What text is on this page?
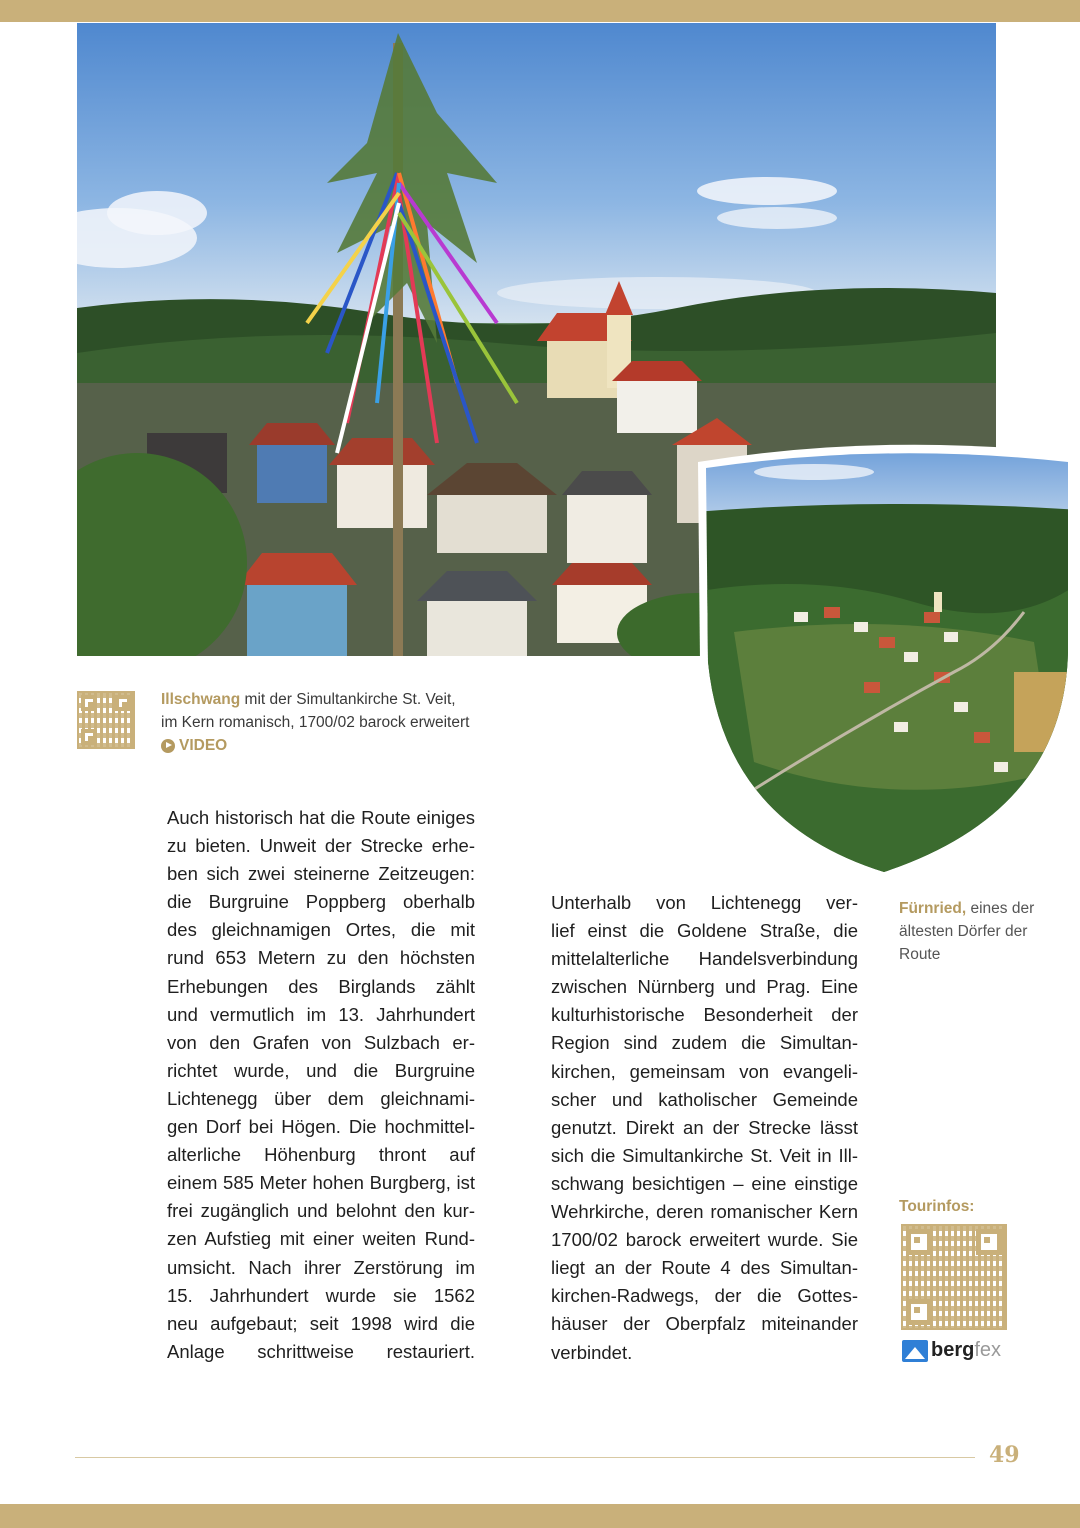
Illschwang mit der Simultankirche St. Veit,
im Kern romanisch, 1700/02 barock erweitert
VIDEO
Auch historisch hat die Route einiges
zu bieten. Unweit der Strecke erhe-
ben sich zwei steinerne Zeitzeugen:
die Burgruine Poppberg oberhalb
des gleichnamigen Ortes, die mit
rund 653 Metern zu den höchsten
Erhebungen des Birglands zählt
und vermutlich im 13. Jahrhundert
von den Grafen von Sulzbach er-
richtet wurde, und die Burgruine
Lichtenegg über dem gleichnami-
gen Dorf bei Högen. Die hochmittel-
alterliche Höhenburg thront auf
einem 585 Meter hohen Burgberg, ist
frei zugänglich und belohnt den kur-
zen Aufstieg mit einer weiten Rund-
umsicht. Nach ihrer Zerstörung im
15. Jahrhundert wurde sie 1562
neu aufgebaut; seit 1998 wird die
Anlage schrittweise restauriert.
Unterhalb von Lichtenegg ver-
lief einst die Goldene Straße, die
mittelalterliche Handelsverbindung
zwischen Nürnberg und Prag. Eine
kulturhistorische Besonderheit der
Region sind zudem die Simultan-
kirchen, gemeinsam von evangeli-
scher und katholischer Gemeinde
genutzt. Direkt an der Strecke lässt
sich die Simultankirche St. Veit in Ill-
schwang besichtigen – eine einstige
Wehrkirche, deren romanischer Kern
1700/02 barock erweitert wurde. Sie
liegt an der Route 4 des Simultan-
kirchen-Radwegs, der die Gottes-
häuser der Oberpfalz miteinander
verbindet.
Fürnried, eines der
ältesten Dörfer der
Route
Tourinfos:
bergfex
49
